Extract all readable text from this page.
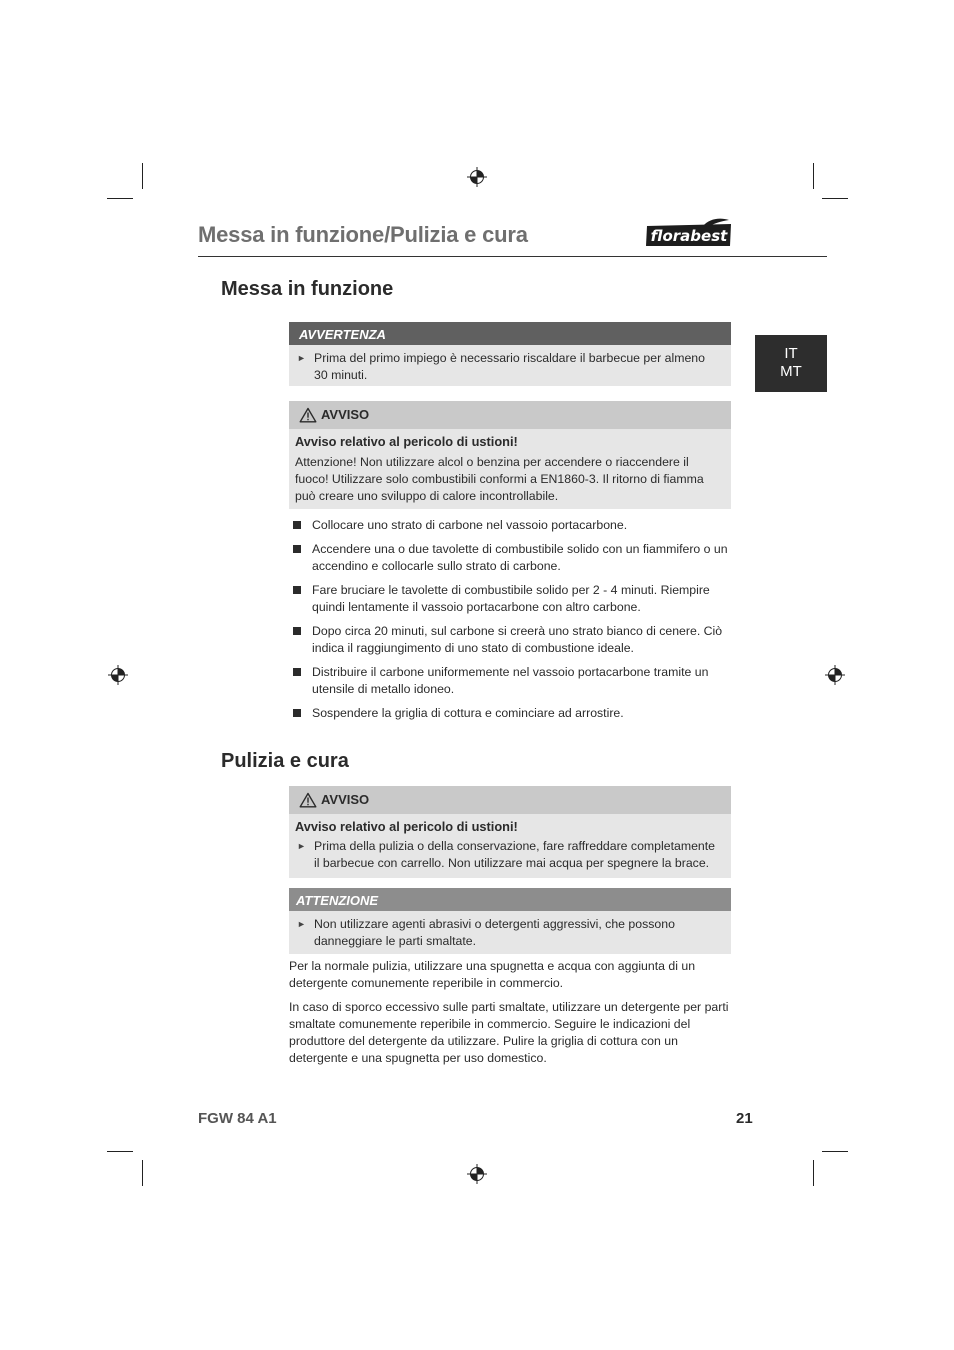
Messa in funzione/Pulizia e cura	florabest
IT
MT
Messa in funzione
AVVERTENZA
► Prima del primo impiego è necessario riscaldare il barbecue per almeno 30 minuti.
AVVISO
Avviso relativo al pericolo di ustioni!
Attenzione! Non utilizzare alcol o benzina per accendere o riaccendere il fuoco! Utilizzare solo combustibili conformi a EN1860-3. Il ritorno di fiamma può creare uno sviluppo di calore incontrollabile.
Collocare uno strato di carbone nel vassoio portacarbone.
Accendere una o due tavolette di combustibile solido con un fiammifero o un accendino e collocarle sullo strato di carbone.
Fare bruciare le tavolette di combustibile solido per 2 - 4 minuti. Riempire quindi lentamente il vassoio portacarbone con altro carbone.
Dopo circa 20 minuti, sul carbone si creerà uno strato bianco di cenere. Ciò indica il raggiungimento di uno stato di combustione ideale.
Distribuire il carbone uniformemente nel vassoio portacarbone tramite un utensile di metallo idoneo.
Sospendere la griglia di cottura e cominciare ad arrostire.
Pulizia e cura
AVVISO
Avviso relativo al pericolo di ustioni!
► Prima della pulizia o della conservazione, fare raffreddare completamente il barbecue con carrello. Non utilizzare mai acqua per spegnere la brace.
ATTENZIONE
► Non utilizzare agenti abrasivi o detergenti aggressivi, che possono danneggiare le parti smaltate.
Per la normale pulizia, utilizzare una spugnetta e acqua con aggiunta di un detergente comunemente reperibile in commercio.
In caso di sporco eccessivo sulle parti smaltate, utilizzare un detergente per parti smaltate comunemente reperibile in commercio. Seguire le indicazioni del produttore del detergente da utilizzare. Pulire la griglia di cottura con un detergente e una spugnetta per uso domestico.
FGW 84 A1	21
